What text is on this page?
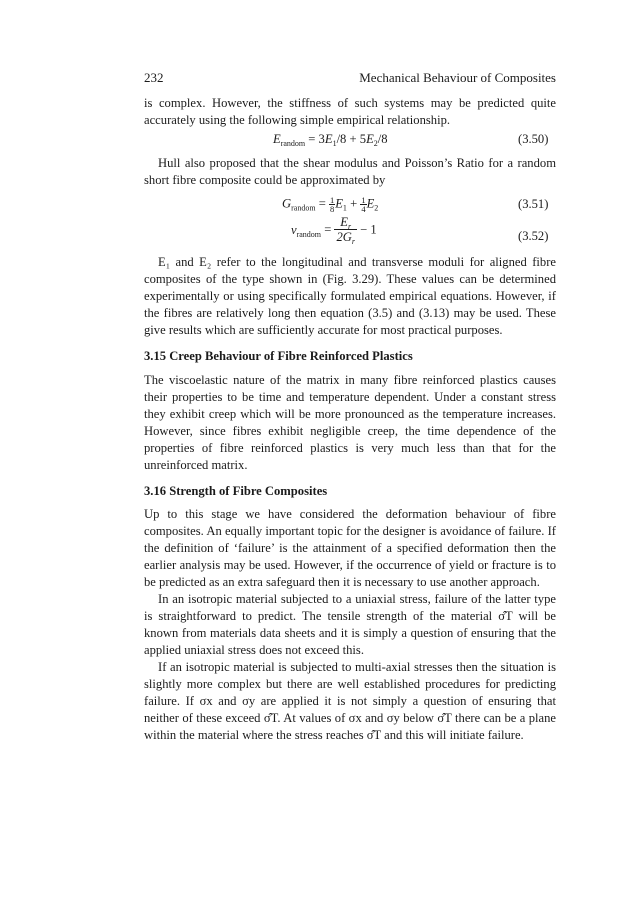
232	Mechanical Behaviour of Composites

is complex. However, the stiffness of such systems may be predicted quite

accurately using the following simple empirical relationship.

$E_{random} = 3E_1/8 + 5E_2/8$	(3.50)

Hull also proposed that the shear modulus and Poisson’s Ratio for a random

short fibre composite could be approximated by

$G_{random} = \frac{1}{8} E_1 + \frac{1}{4} E_2$	(3.51)
$\nu_{random} = \frac{E_r}{2G_r} - 1$	(3.52)

E₁ and E₂ refer to the longitudinal and transverse moduli for aligned fibre composites of the type shown in (Fig. 3.29). These values can be determined experimentally or using specifically formulated empirical equations. However, if the fibres are relatively long then equation (3.5) and (3.13) may be used. These give results which are sufficiently accurate for most practical purposes.

3.15 Creep Behaviour of Fibre Reinforced Plastics

The viscoelastic nature of the matrix in many fibre reinforced plastics causes their properties to be time and temperature dependent. Under a constant stress they exhibit creep which will be more pronounced as the temperature increases. However, since fibres exhibit negligible creep, the time dependence of the properties of fibre reinforced plastics is very much less than that for the unreinforced matrix.

3.16 Strength of Fibre Composites

Up to this stage we have considered the deformation behaviour of fibre composites. An equally important topic for the designer is avoidance of failure. If the definition of ‘failure’ is the attainment of a specified deformation then the earlier analysis may be used. However, if the occurrence of yield or fracture is to be predicted as an extra safeguard then it is necessary to use another approach.

In an isotropic material subjected to a uniaxial stress, failure of the latter type is straightforward to predict. The tensile strength of the material σ̂T will be known from materials data sheets and it is simply a question of ensuring that the applied uniaxial stress does not exceed this.

If an isotropic material is subjected to multi-axial stresses then the situation is slightly more complex but there are well established procedures for predicting failure. If σx and σy are applied it is not simply a question of ensuring that neither of these exceed σ̂T. At values of σx and σy below σ̂T there can be a plane within the material where the stress reaches σ̂T and this will initiate failure.
